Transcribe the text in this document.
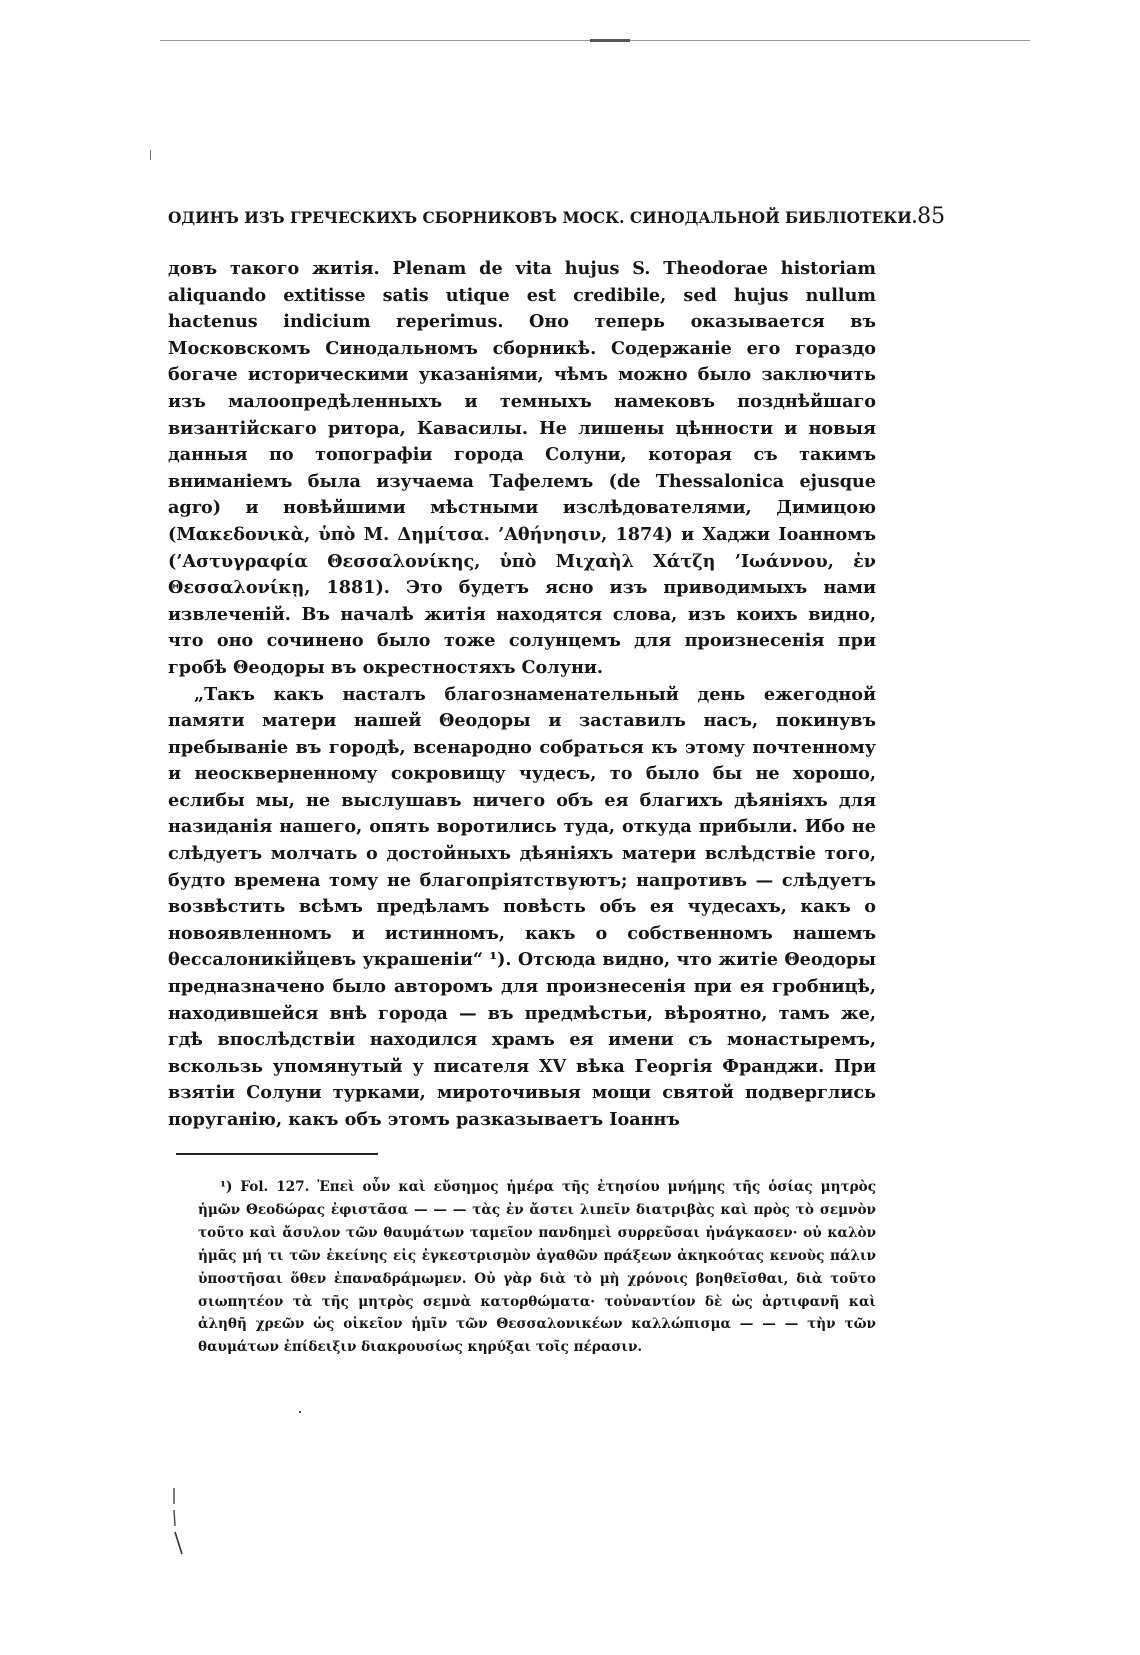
ОДИНЪ ИЗЪ ГРЕЧЕСКИХЪ СБОРНИКОВЪ МОСК. СИНОДАЛЬНОЙ БИБЛІОТЕКИ. 85

довъ такого житія. Plenam de vita hujus S. Theodorae historiam aliquando extitisse satis utique est credibile, sed hujus nullum hactenus indicium reperimus. Оно теперь оказывается въ Московскомъ Синодальномъ сборникѣ. Содержаніе его гораздо богаче историческими указаніями, чѣмъ можно было заключить изъ малоопредѣленныхъ и темныхъ намековъ позднѣйшаго византійскаго ритора, Кавасилы. Не лишены цѣнности и новыя данныя по топографіи города Солуни, которая съ такимъ вниманіемъ была изучаема Тафелемъ (de Thessalonica ejusque agro) и новѣйшими мѣстными изслѣдователями, Димицою (Μακεδονικὰ, ὑπὸ Μ. Δημίτσα. ’Αθήνησιν, 1874) и Хаджи Іоанномъ (’Αστυγραφία Θεσσαλονίκης, ὑπὸ Μιχαὴλ Χάτζη ’Ιωάννου, ἐν Θεσσαλονίκῃ, 1881). Это будетъ ясно изъ приводимыхъ нами извлеченій. Въ началѣ житія находятся слова, изъ коихъ видно, что оно сочинено было тоже солунцемъ для произнесенія при гробѣ Θеодоры въ окрестностяхъ Солуни.

„Такъ какъ насталъ благознаменательный день ежегодной памяти матери нашей Θеодоры и заставилъ насъ, покинувъ пребываніе въ городѣ, всенародно собраться къ этому почтенному и неоскверненному сокровищу чудесъ, то было бы не хорошо, еслибы мы, не выслушавъ ничего объ ея благихъ дѣяніяхъ для назиданія нашего, опять воротились туда, откуда прибыли. Ибо не слѣдуетъ молчать о достойныхъ дѣяніяхъ матери вслѣдствіе того, будто времена тому не благопріятствуютъ; напротивъ — слѣдуетъ возвѣстить всѣмъ предѣламъ повѣсть объ ея чудесахъ, какъ о новоявленномъ и истинномъ, какъ о собственномъ нашемъ θессалоникійцевъ украшеніи“ ¹). Отсюда видно, что житіе Θеодоры предназначено было авторомъ для произнесенія при ея гробницѣ, находившейся внѣ города — въ предмѣстьи, вѣроятно, тамъ же, гдѣ впослѣдствіи находился храмъ ея имени съ монастыремъ, вскользь упомянутый у писателя XV вѣка Георгія Франджи. При взятіи Солуни турками, мироточивыя мощи святой подверглись поруганію, какъ объ этомъ разказываетъ Іоаннъ

¹) Fol. 127. Ἐπεὶ οὖν καὶ εὔσημος ἡμέρα τῆς ἐτησίου μνήμης τῆς ὁσίας μητρὸς ἡμῶν Θεοδώρας ἐφιστᾶσα — — — τὰς ἐν ἄστει λιπεῖν διατριβὰς καὶ πρὸς τὸ σεμνὸν τοῦτο καὶ ἄσυλον τῶν θαυμάτων ταμεῖον πανδημεὶ συρρεῦσαι ἠνάγκασεν· οὐ καλὸν ἡμᾶς μή τι τῶν ἐκείνης εἰς ἐγκεστρισμὸν ἀγαθῶν πράξεων ἀκηκοότας κενοὺς πάλιν ὑποστῆσαι ὅθεν ἐπαναδράμωμεν. Οὐ γὰρ διὰ τὸ μὴ χρόνοις βοηθεῖσθαι, διὰ τοῦτο σιωπητέον τὰ τῆς μητρὸς σεμνὰ κατορθώματα· τοὐναντίον δὲ ὡς ἀρτιφανῆ καὶ ἀληθῆ χρεῶν ὡς οἰκεῖον ἡμῖν τῶν Θεσσαλονικέων καλλώπισμα — — — τὴν τῶν θαυμάτων ἐπίδειξιν διακρουσίως κηρύξαι τοῖς πέρασιν.
